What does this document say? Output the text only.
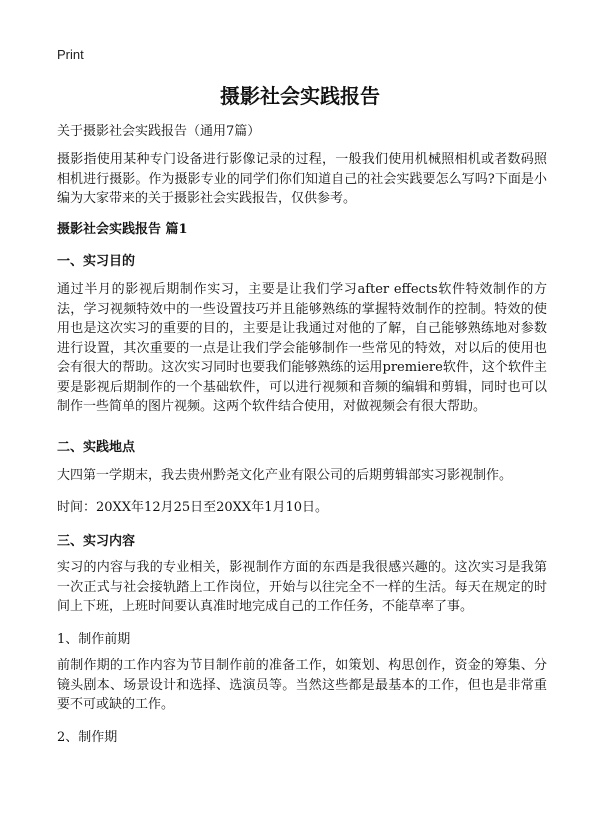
Print
摄影社会实践报告
关于摄影社会实践报告（通用7篇）

摄影指使用某种专门设备进行影像记录的过程，一般我们使用机械照相机或者数码照相机进行摄影。作为摄影专业的同学们你们知道自己的社会实践要怎么写吗?下面是小编为大家带来的关于摄影社会实践报告，仅供参考。

摄影社会实践报告 篇1
一、实习目的

通过半月的影视后期制作实习，主要是让我们学习after effects软件特效制作的方法，学习视频特效中的一些设置技巧并且能够熟练的掌握特效制作的控制。特效的使用也是这次实习的重要的目的，主要是让我通过对他的了解，自己能够熟练地对参数进行设置，其次重要的一点是让我们学会能够制作一些常见的特效，对以后的使用也会有很大的帮助。这次实习同时也要我们能够熟练的运用premiere软件，这个软件主要是影视后期制作的一个基础软件，可以进行视频和音频的编辑和剪辑，同时也可以制作一些简单的图片视频。这两个软件结合使用，对做视频会有很大帮助。

二、实践地点

大四第一学期末，我去贵州黔尧文化产业有限公司的后期剪辑部实习影视制作。

时间：20XX年12月25日至20XX年1月10日。

三、实习内容

实习的内容与我的专业相关，影视制作方面的东西是我很感兴趣的。这次实习是我第一次正式与社会接轨踏上工作岗位，开始与以往完全不一样的生活。每天在规定的时间上下班，上班时间要认真准时地完成自己的工作任务，不能草率了事。

1、制作前期

前制作期的工作内容为节目制作前的准备工作，如策划、构思创作，资金的筹集、分镜头剧本、场景设计和选择、选演员等。当然这些都是最基本的工作，但也是非常重要不可或缺的工作。

2、制作期
